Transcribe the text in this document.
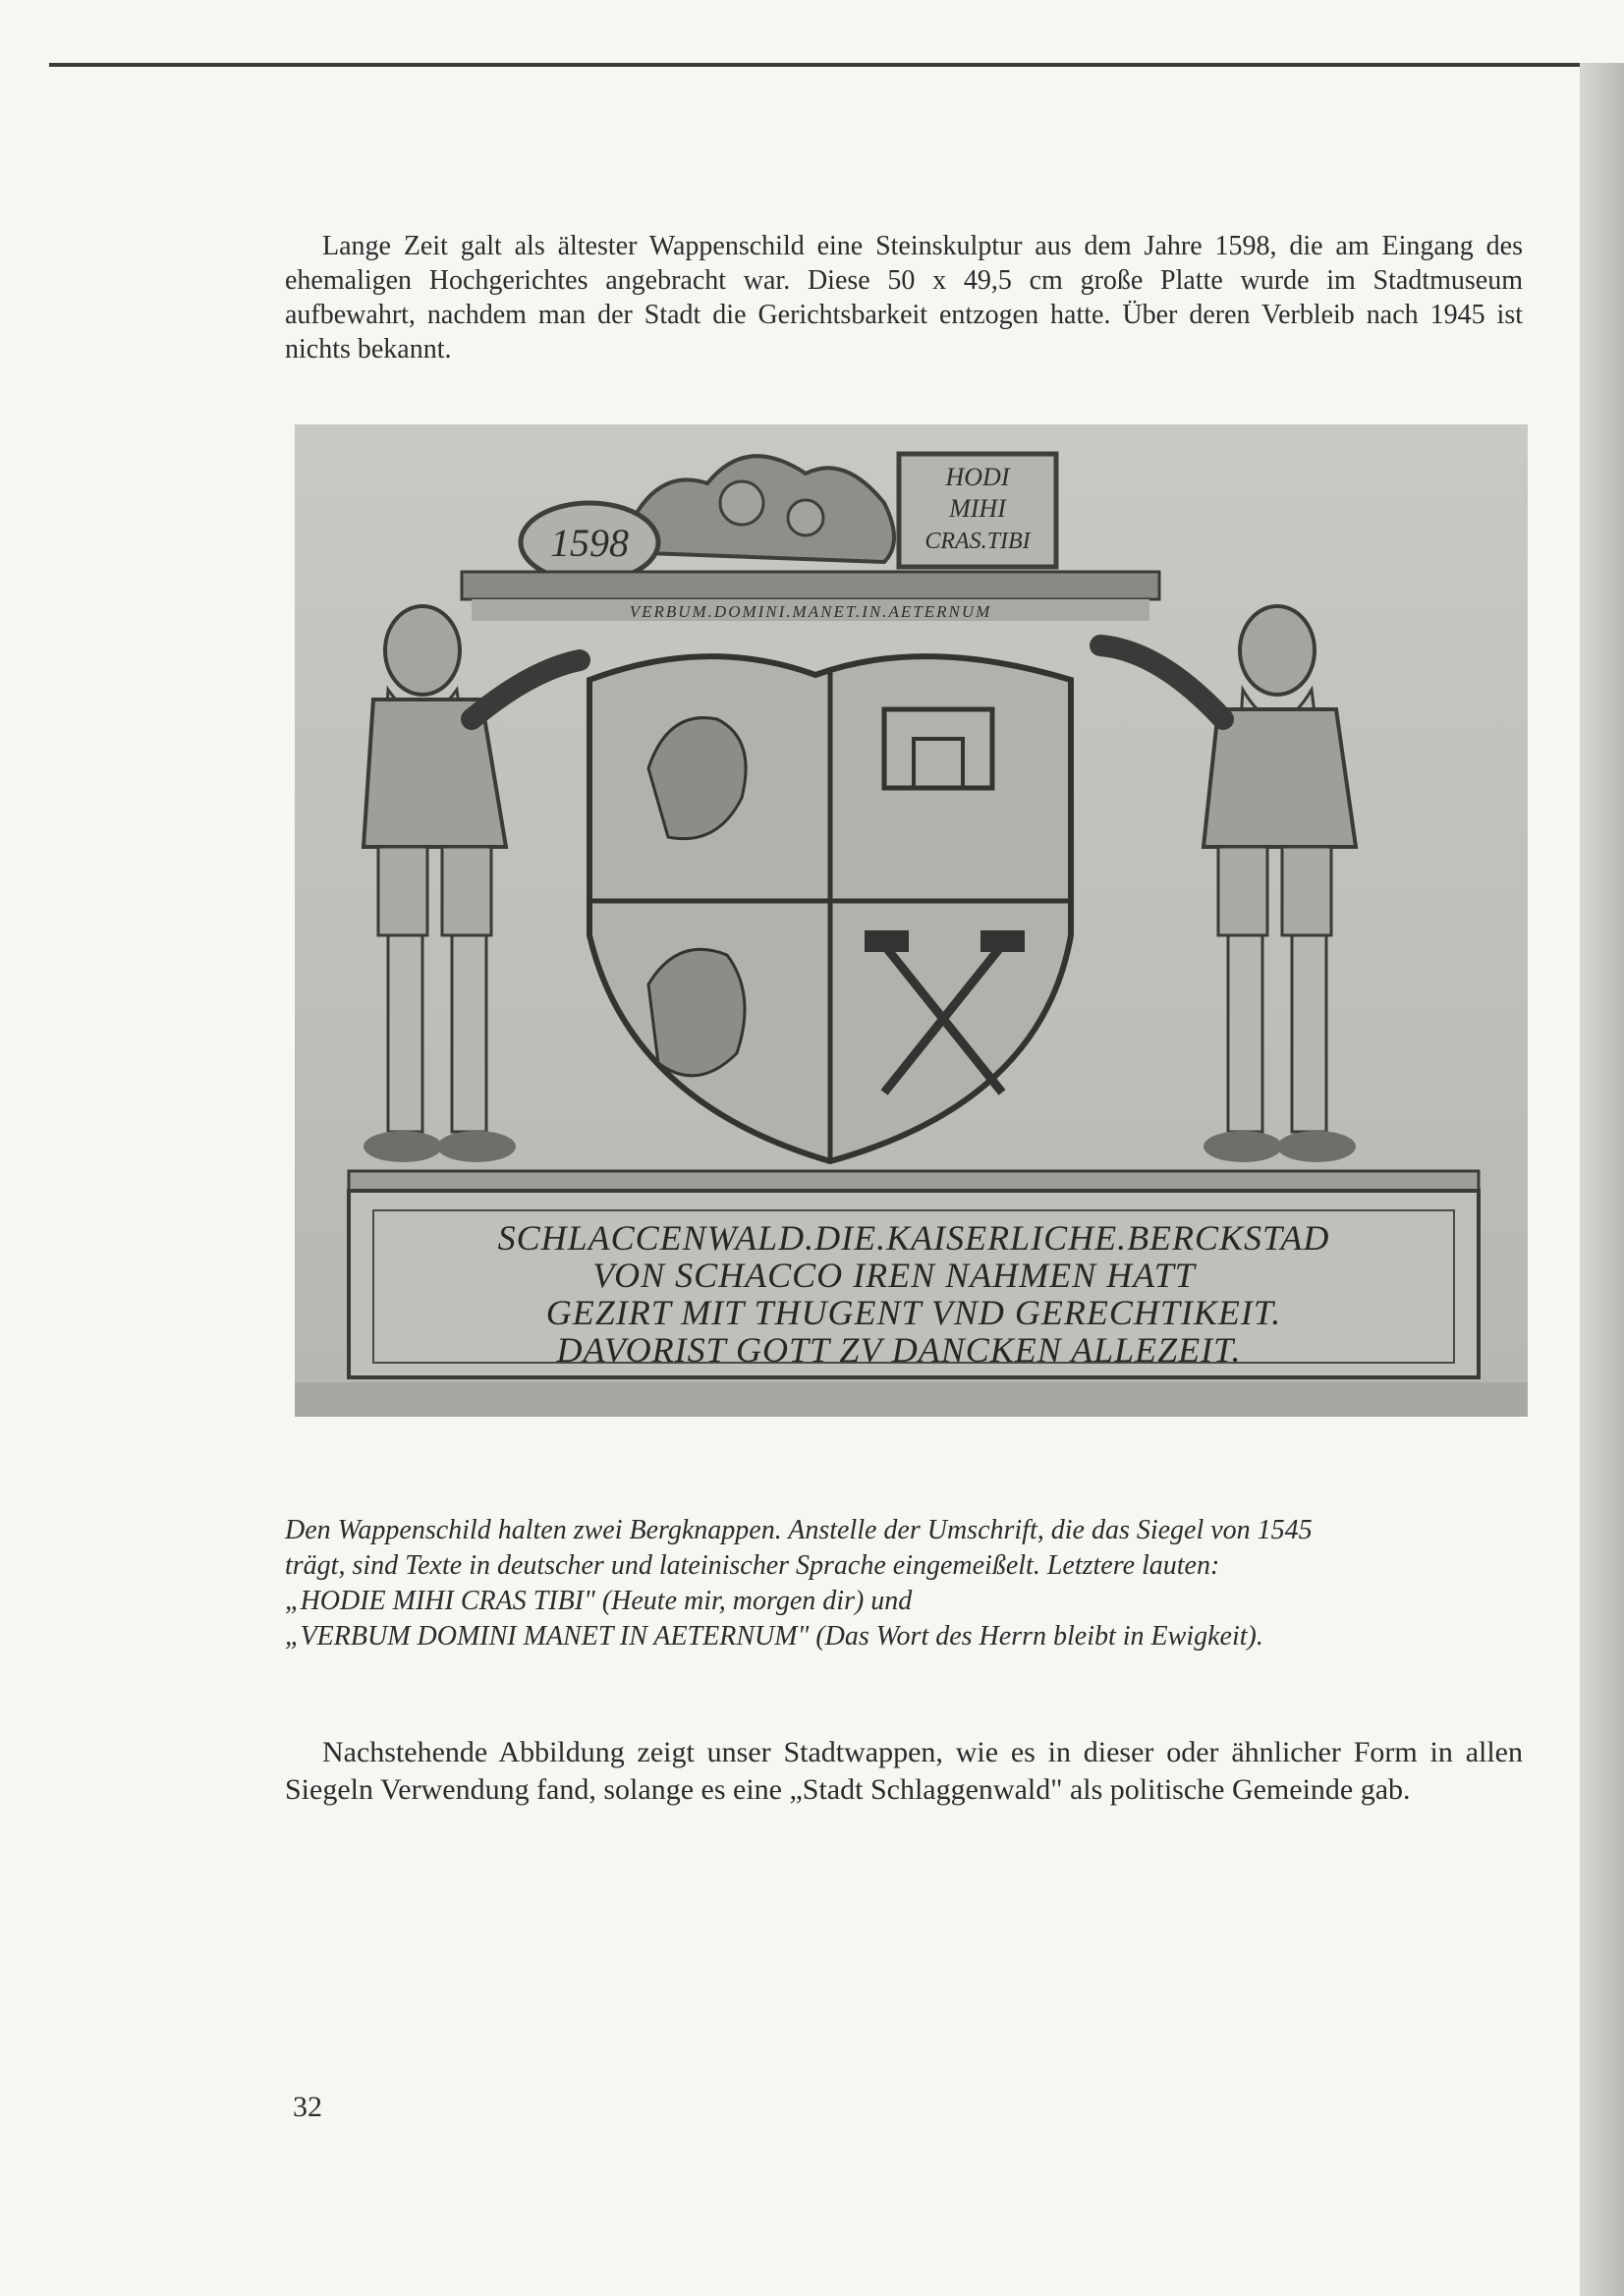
Lange Zeit galt als ältester Wappenschild eine Steinskulptur aus dem Jahre 1598, die am Eingang des ehemaligen Hochgerichtes angebracht war. Diese 50 x 49,5 cm große Platte wurde im Stadtmuseum aufbewahrt, nachdem man der Stadt die Gerichtsbarkeit entzogen hatte. Über deren Verbleib nach 1945 ist nichts bekannt.

1598
HODI
MIHI
CRAS.TIBI
VERBUM.DOMINI.MANET.IN.AETERNUM
SCHLACCENWALD.DIE.KAISERLICHE.BERCKSTAD
VON SCHACCO IREN NAHMEN HATT
GEZIRT MIT THUGENT VND GERECHTIKEIT.
DAVORIST GOTT ZV DANCKEN ALLEZEIT.

Den Wappenschild halten zwei Bergknappen. Anstelle der Umschrift, die das Siegel von 1545

trägt, sind Texte in deutscher und lateinischer Sprache eingemeißelt. Letztere lauten:

„HODIE MIHI CRAS TIBI" (Heute mir, morgen dir) und

„VERBUM DOMINI MANET IN AETERNUM" (Das Wort des Herrn bleibt in Ewigkeit).

Nachstehende Abbildung zeigt unser Stadtwappen, wie es in dieser oder ähnlicher Form in allen Siegeln Verwendung fand, solange es eine „Stadt Schlaggenwald" als politische Gemeinde gab.

32
